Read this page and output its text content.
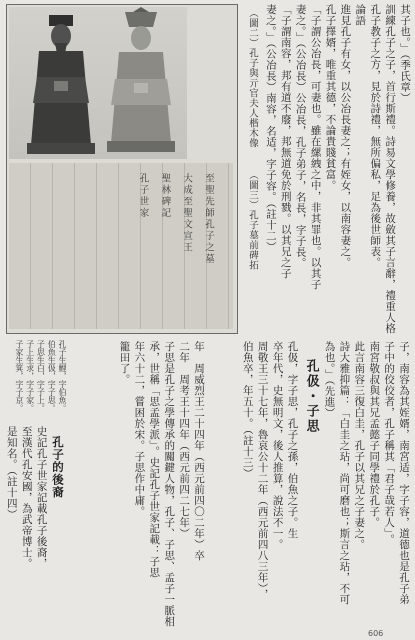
至聖先師孔子之墓

大成至聖文宣王

聖林碑記

孔子世家

（圖二）孔子與亓官夫人楷木像

（圖三）孔子墓前碑拓

其子也。」（季氏章）

訓練孔子之子，首行斯禮。詩易文學修養，故斂其子言辭，禮重人格

孔子教子之方，見於詩禮，無所偏私，足為後世師表。

論語

進見孔子有女，以公冶長妻之；有姪女，以南容妻之。

孔子擇婿，唯重其德，不論貴賤貧富。

「子謂公冶長，可妻也。雖在縲絏之中，非其罪也。以其子

妻之。」（公冶長）公冶長，孔子弟子，名長，字子長。

「子謂南容，邦有道不廢，邦無道免於刑戮。以其兄之子

妻之。」（公冶長）南容，名适，字子容。（註十二）

子，南容為其姪婿，南宮适，字子容，道德也是孔子弟

子中的佼佼者，孔子稱其「君子哉若人」。

南宮敬叔與其兄孟懿子同學禮於孔子。

此言南容三復白圭，孔子以其兄之子妻之。

詩大雅抑篇：「白圭之玷，尚可磨也；斯言之玷，不可

為也。」（先進）

孔伋・子思

孔伋，字子思，孔子之孫，伯魚之子。生

卒年代，史無明文，後人推算，說法不一。

周敬王三十七年，魯哀公十二年（西元前四八三年），

伯魚卒，年五十。（註十三）

年　周威烈王二十四年（西元前四〇二年）卒

二年　周考王十四年（西元前四二七年）

子思是孔子之學傳承的關鍵人物，孔子、子思、孟子一脈相

承，世稱「思孟學派」。史記孔子世家記載：子思

年六十二，嘗困於宋。子思作中庸。

籠田了。

孔子生鯉，字伯魚。

伯魚生伋，字子思。

子思生白，字子上。

子上生求，字子家。

子家生箕，字子京。

孔子的後裔

史記孔子世家記載孔子後裔，

至漢代孔安國，為武帝博士。

是知名。（註十四）

606
